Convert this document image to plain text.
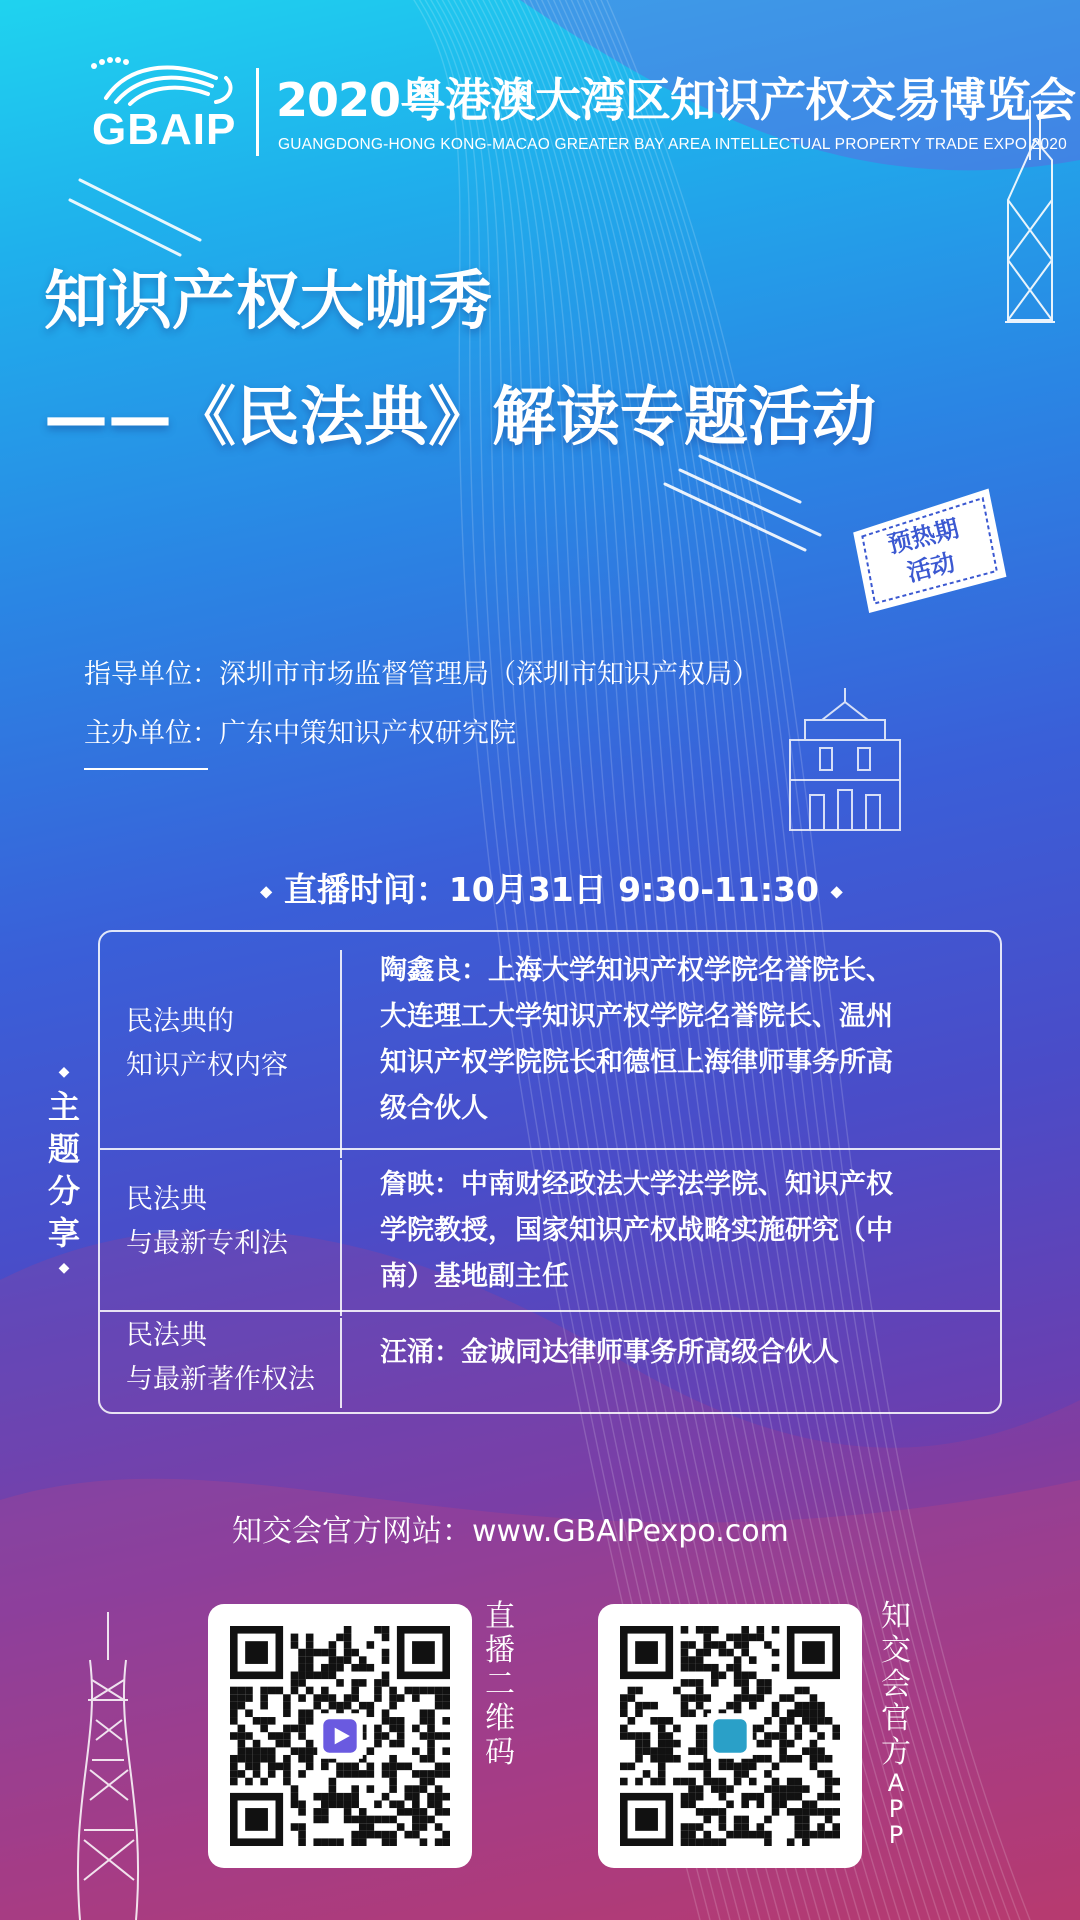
GBAIP
2020粤港澳大湾区知识产权交易博览会
GUANGDONG-HONG KONG-MACAO GREATER BAY AREA INTELLECTUAL PROPERTY TRADE EXPO 2020
知识产权大咖秀
——《民法典》解读专题活动
预热期
活动
指导单位：深圳市市场监督管理局（深圳市知识产权局）
主办单位：广东中策知识产权研究院
◆ 直播时间：10月31日 9:30-11:30 ◆
◆
主
题
分
享
◆
民法典的
知识产权内容
陶鑫良：上海大学知识产权学院名誉院长、
大连理工大学知识产权学院名誉院长、温州
知识产权学院院长和德恒上海律师事务所高
级合伙人
民法典
与最新专利法
詹映：中南财经政法大学法学院、知识产权
学院教授，国家知识产权战略实施研究（中
南）基地副主任
民法典
与最新著作权法
汪涌：金诚同达律师事务所高级合伙人
知交会官方网站：www.GBAIPexpo.com
直
播
二
维
码
知
交
会
官
方
A
P
P
